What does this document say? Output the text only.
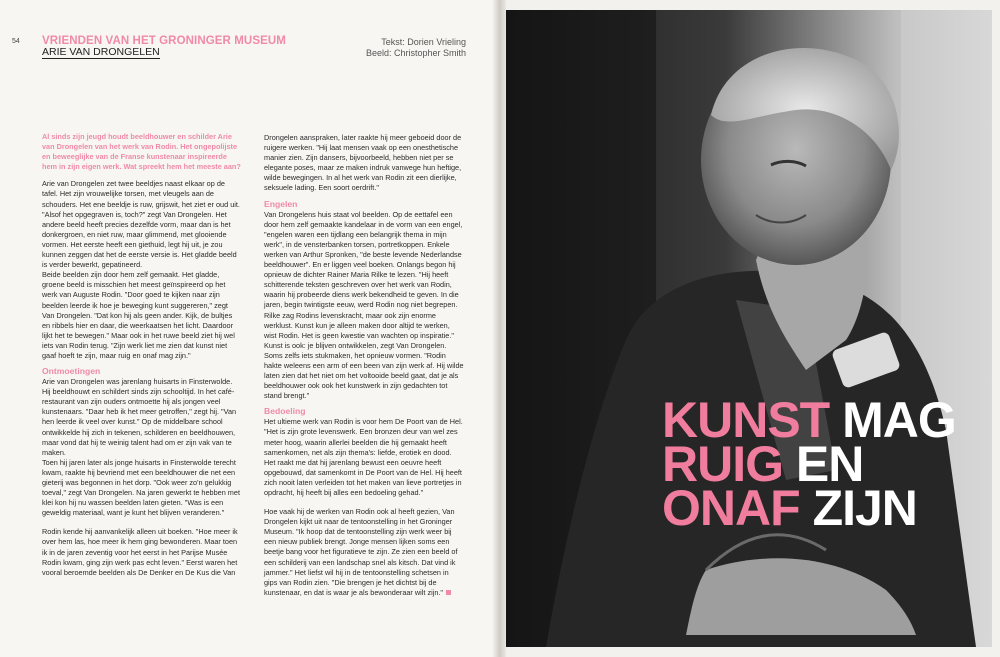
54 VRIENDEN VAN HET GRONINGER MUSEUM
ARIE VAN DRONGELEN
Tekst: Dorien Vrieling
Beeld: Christopher Smith

Al sinds zijn jeugd houdt beeldhouwer en schilder Arie van Drongelen van het werk van Rodin. Het ongepolijste en beweeglijke van de Franse kunstenaar inspireerde hem in zijn eigen werk. Wat spreekt hem het meeste aan?

Arie van Drongelen zet twee beeldjes naast elkaar op de tafel. Het zijn vrouwelijke torsen, met vleugels aan de schouders. Het ene beeldje is ruw, grijswit, het ziet er oud uit. "Alsof het opgegraven is, toch?" zegt Van Drongelen. Het andere beeld heeft precies dezelfde vorm, maar dan is het donkergroen, en niet ruw, maar glimmend, met glooiende vormen. Het eerste heeft een giethuid, legt hij uit, je zou kunnen zeggen dat het de eerste versie is. Het gladde beeld is verder bewerkt, gepatineerd.

Beide beelden zijn door hem zelf gemaakt. Het gladde, groene beeld is misschien het meest geïnspireerd op het werk van Auguste Rodin. "Door goed te kijken naar zijn beelden leerde ik hoe je beweging kunt suggereren," zegt Van Drongelen. "Dat kon hij als geen ander. Kijk, de bultjes en ribbels hier en daar, die weerkaatsen het licht. Daardoor lijkt het te bewegen." Maar ook in het ruwe beeld ziet hij wel iets van Rodin terug. "Zijn werk liet me zien dat kunst niet gaaf hoeft te zijn, maar ruig en onaf mag zijn."

Ontmoetingen

Arie van Drongelen was jarenlang huisarts in Finsterwolde. Hij beeldhouwt en schildert sinds zijn schooltijd. In het café-restaurant van zijn ouders ontmoette hij als jongen veel kunstenaars. "Daar heb ik het meer getroffen," zegt hij. "Van hen leerde ik veel over kunst." Op de middelbare school ontwikkelde hij zich in tekenen, schilderen en beeldhouwen, maar vond dat hij te weinig talent had om er zijn vak van te maken.

Toen hij jaren later als jonge huisarts in Finsterwolde terecht kwam, raakte hij bevriend met een beeldhouwer die net een gieterij was begonnen in het dorp. "Ook weer zo'n gelukkig toeval," zegt Van Drongelen. Na jaren gewerkt te hebben met klei kon hij nu wassen beelden laten gieten. "Was is een geweldig materiaal, want je kunt het blijven veranderen."

Rodin kende hij aanvankelijk alleen uit boeken. "Hoe meer ik over hem las, hoe meer ik hem ging bewonderen. Maar toen ik in de jaren zeventig voor het eerst in het Parijse Musée Rodin kwam, ging zijn werk pas echt leven." Eerst waren het vooral beroemde beelden als De Denker en De Kus die Van

Drongelen aanspraken, later raakte hij meer geboeid door de ruigere werken. "Hij laat mensen vaak op een onesthetische manier zien. Zijn dansers, bijvoorbeeld, hebben niet per se elegante poses, maar ze maken indruk vanwege hun heftige, wilde bewegingen. In al het werk van Rodin zit een dierlijke, seksuele lading. Een soort oerdrift."

Engelen

Van Drongelens huis staat vol beelden. Op de eettafel een door hem zelf gemaakte kandelaar in de vorm van een engel, "engelen waren een tijdlang een belangrijk thema in mijn werk", in de vensterbanken torsen, portretkoppen. Enkele werken van Arthur Spronken, "de beste levende Nederlandse beeldhouwer". En er liggen veel boeken. Onlangs begon hij opnieuw de dichter Rainer Maria Rilke te lezen. "Hij heeft schitterende teksten geschreven over het werk van Rodin, waarin hij probeerde diens werk bekendheid te geven. In die jaren, begin twintigste eeuw, werd Rodin nog niet begrepen. Rilke zag Rodins levenskracht, maar ook zijn enorme werklust. Kunst kun je alleen maken door altijd te werken, wist Rodin. Het is geen kwestie van wachten op inspiratie." Kunst is ook: je blijven ontwikkelen, zegt Van Drongelen. Soms zelfs iets stukmaken, het opnieuw vormen. "Rodin hakte weleens een arm of een been van zijn werk af. Hij wilde laten zien dat het niet om het voltooide beeld gaat, dat je als beeldhouwer ook ook het kunstwerk in zijn gedachten tot stand brengt."

Bedoeling

Het ultieme werk van Rodin is voor hem De Poort van de Hel. "Het is zijn grote levenswerk. Een bronzen deur van wel zes meter hoog, waarin allerlei beelden die hij gemaakt heeft samenkomen, net als zijn thema's: liefde, erotiek en dood. Het raakt me dat hij jarenlang bewust een oeuvre heeft opgebouwd, dat samenkomt in De Poort van de Hel. Hij heeft zich nooit laten verleiden tot het maken van lieve portretjes in opdracht, hij heeft bij alles een bedoeling gehad."

Hoe vaak hij de werken van Rodin ook al heeft gezien, Van Drongelen kijkt uit naar de tentoonstelling in het Groninger Museum. "Ik hoop dat de tentoonstelling zijn werk weer bij een nieuw publiek brengt. Jonge mensen lijken soms een beetje bang voor het figuratieve te zijn. Ze zien een beeld of een schilderij van een landschap snel als kitsch. Dat vind ik jammer." Het liefst wil hij in de tentoonstelling schetsen in gips van Rodin zien. "Die brengen je het dichtst bij de kunstenaar, en dat is waar je als bewonderaar wilt zijn."

KUNST MAG
RUIG EN
ONAF ZIJN
